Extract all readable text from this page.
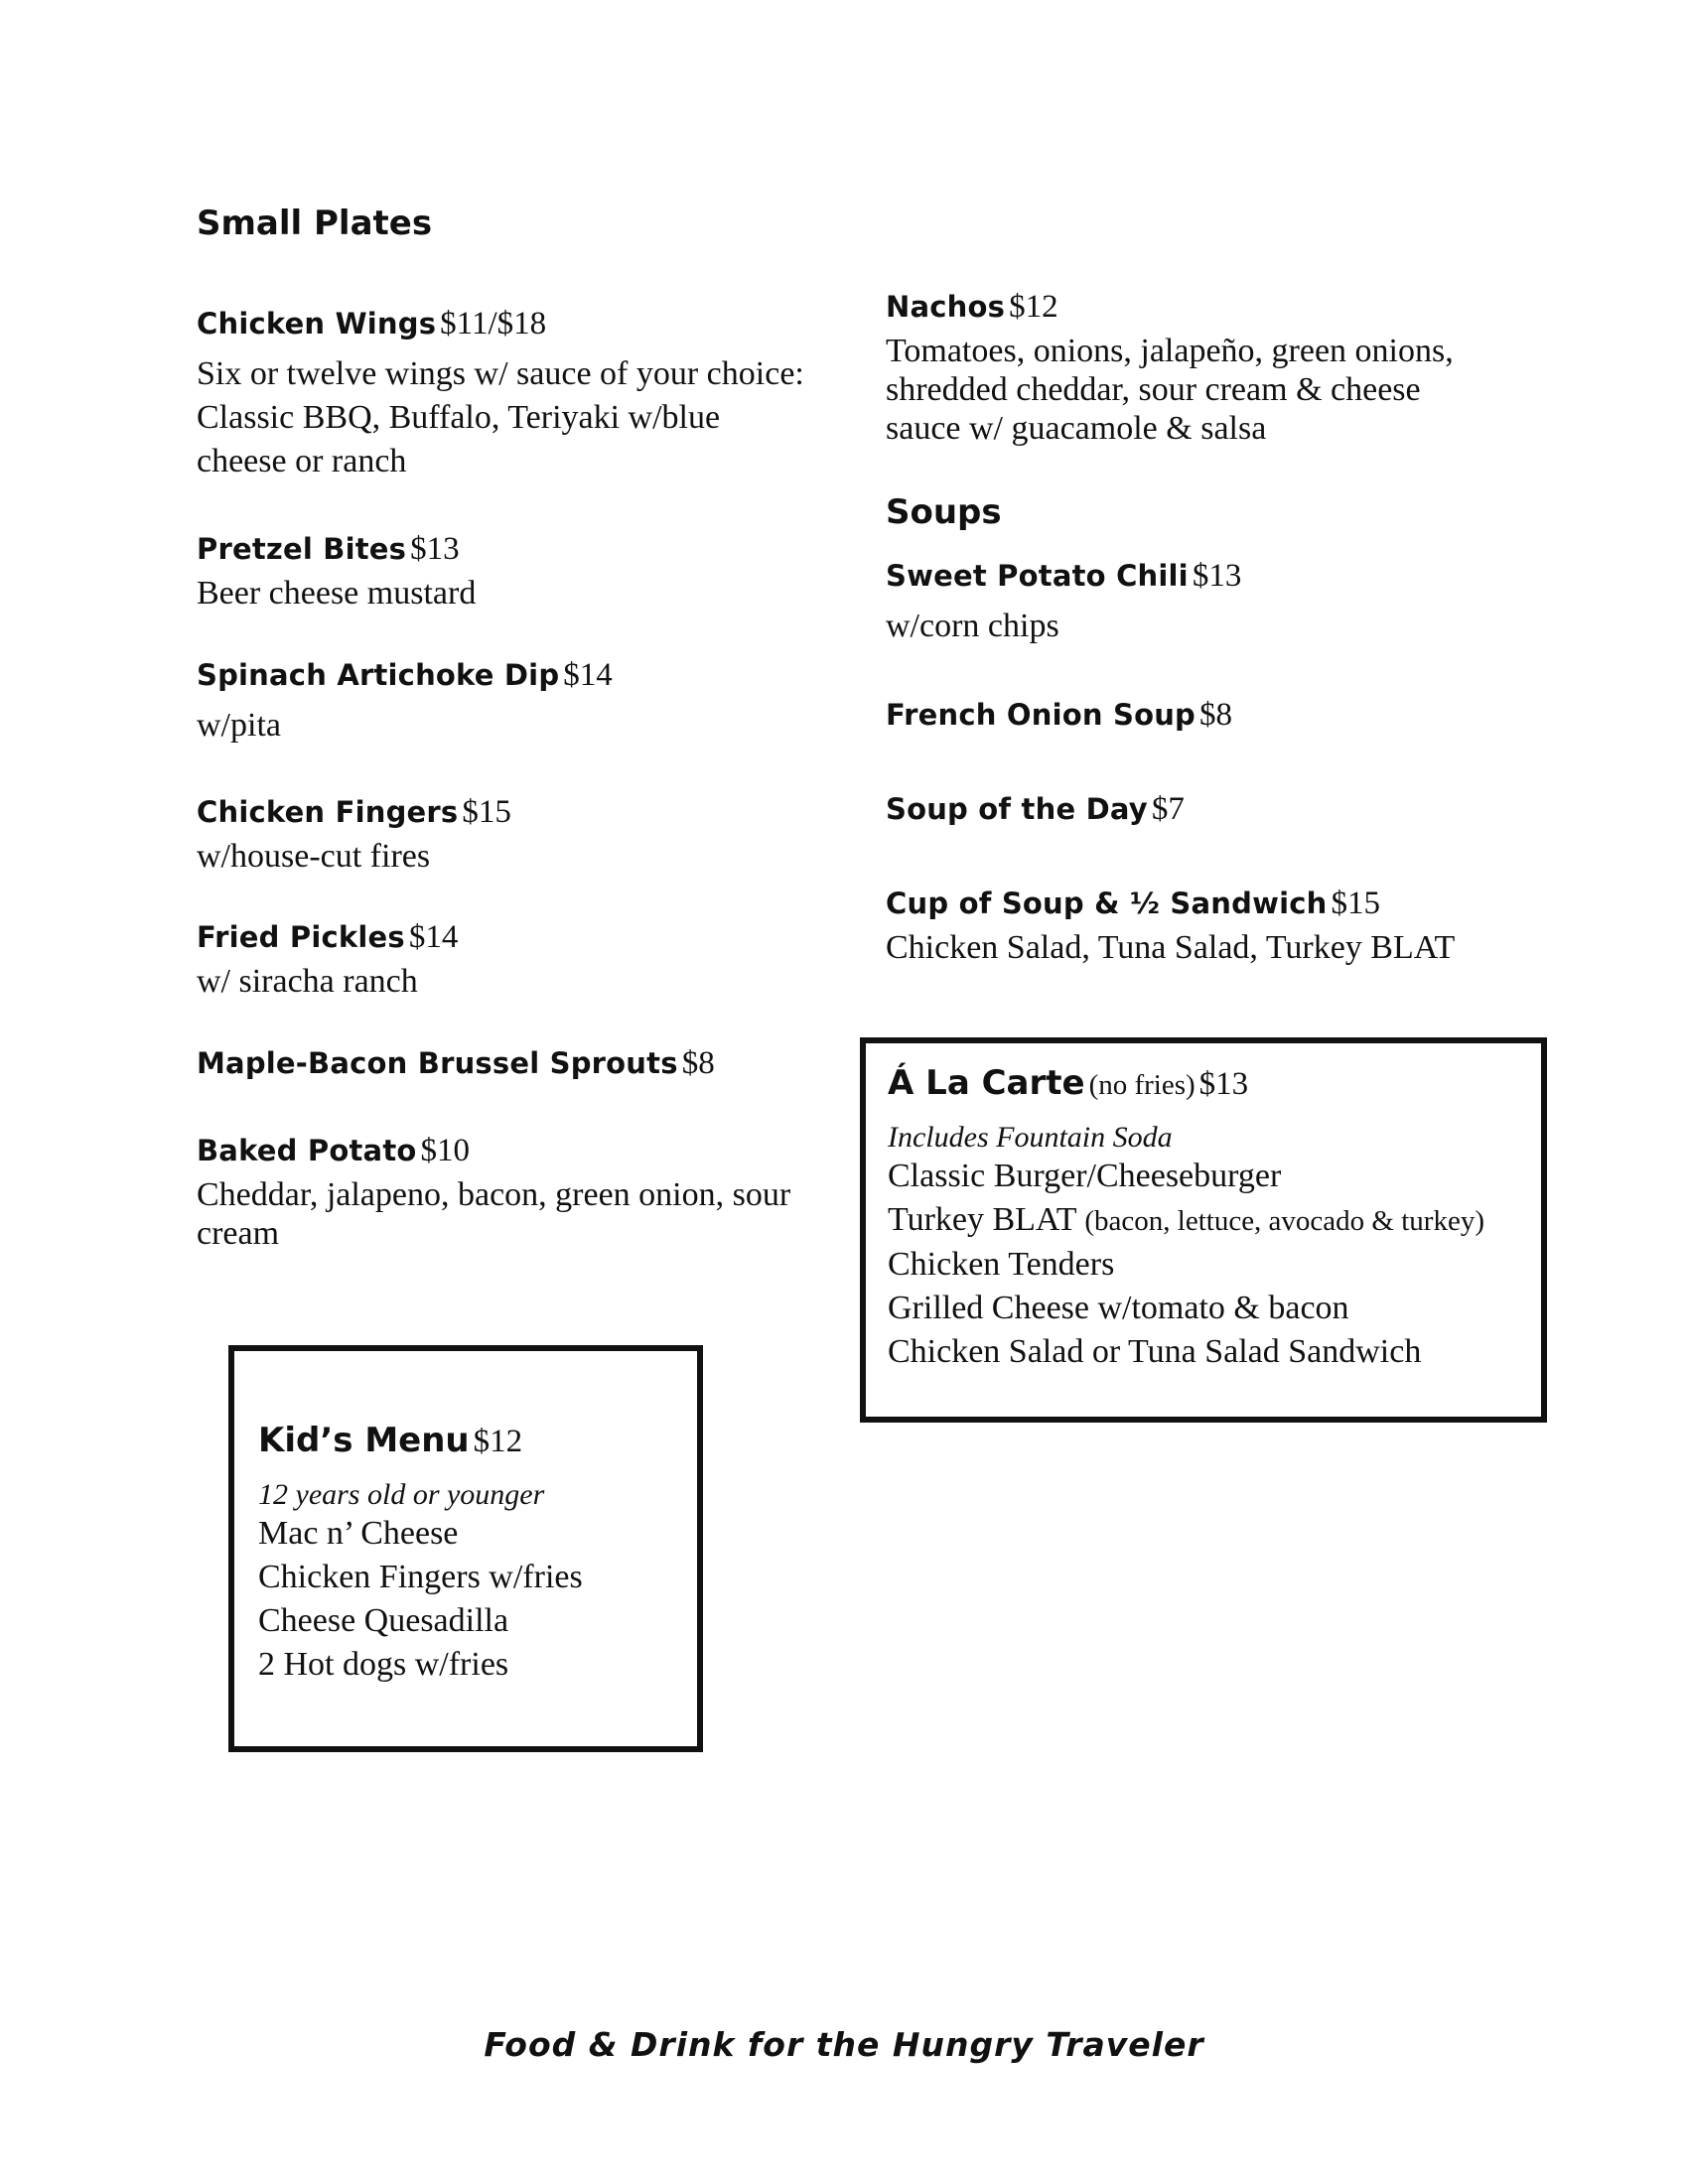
Small Plates
Chicken Wings $11/$18
Six or twelve wings w/ sauce of your choice:
Classic BBQ, Buffalo, Teriyaki w/blue
cheese or ranch
Pretzel Bites $13
Beer cheese mustard
Spinach Artichoke Dip $14
w/pita
Chicken Fingers $15
w/house-cut fires
Fried Pickles $14
w/ siracha ranch
Maple-Bacon Brussel Sprouts $8
Baked Potato $10
Cheddar, jalapeno, bacon, green onion, sour
cream
Nachos $12
Tomatoes, onions, jalapeño, green onions,
shredded cheddar, sour cream & cheese
sauce w/ guacamole & salsa
Soups
Sweet Potato Chili $13
w/corn chips
French Onion Soup $8
Soup of the Day $7
Cup of Soup & ½ Sandwich $15
Chicken Salad, Tuna Salad, Turkey BLAT
Á La Carte (no fries) $13
Includes Fountain Soda
Classic Burger/Cheeseburger
Turkey BLAT (bacon, lettuce, avocado & turkey)
Chicken Tenders
Grilled Cheese w/tomato & bacon
Chicken Salad or Tuna Salad Sandwich
Kid’s Menu $12
12 years old or younger
Mac n’ Cheese
Chicken Fingers w/fries
Cheese Quesadilla
2 Hot dogs w/fries
Food & Drink for the Hungry Traveler
